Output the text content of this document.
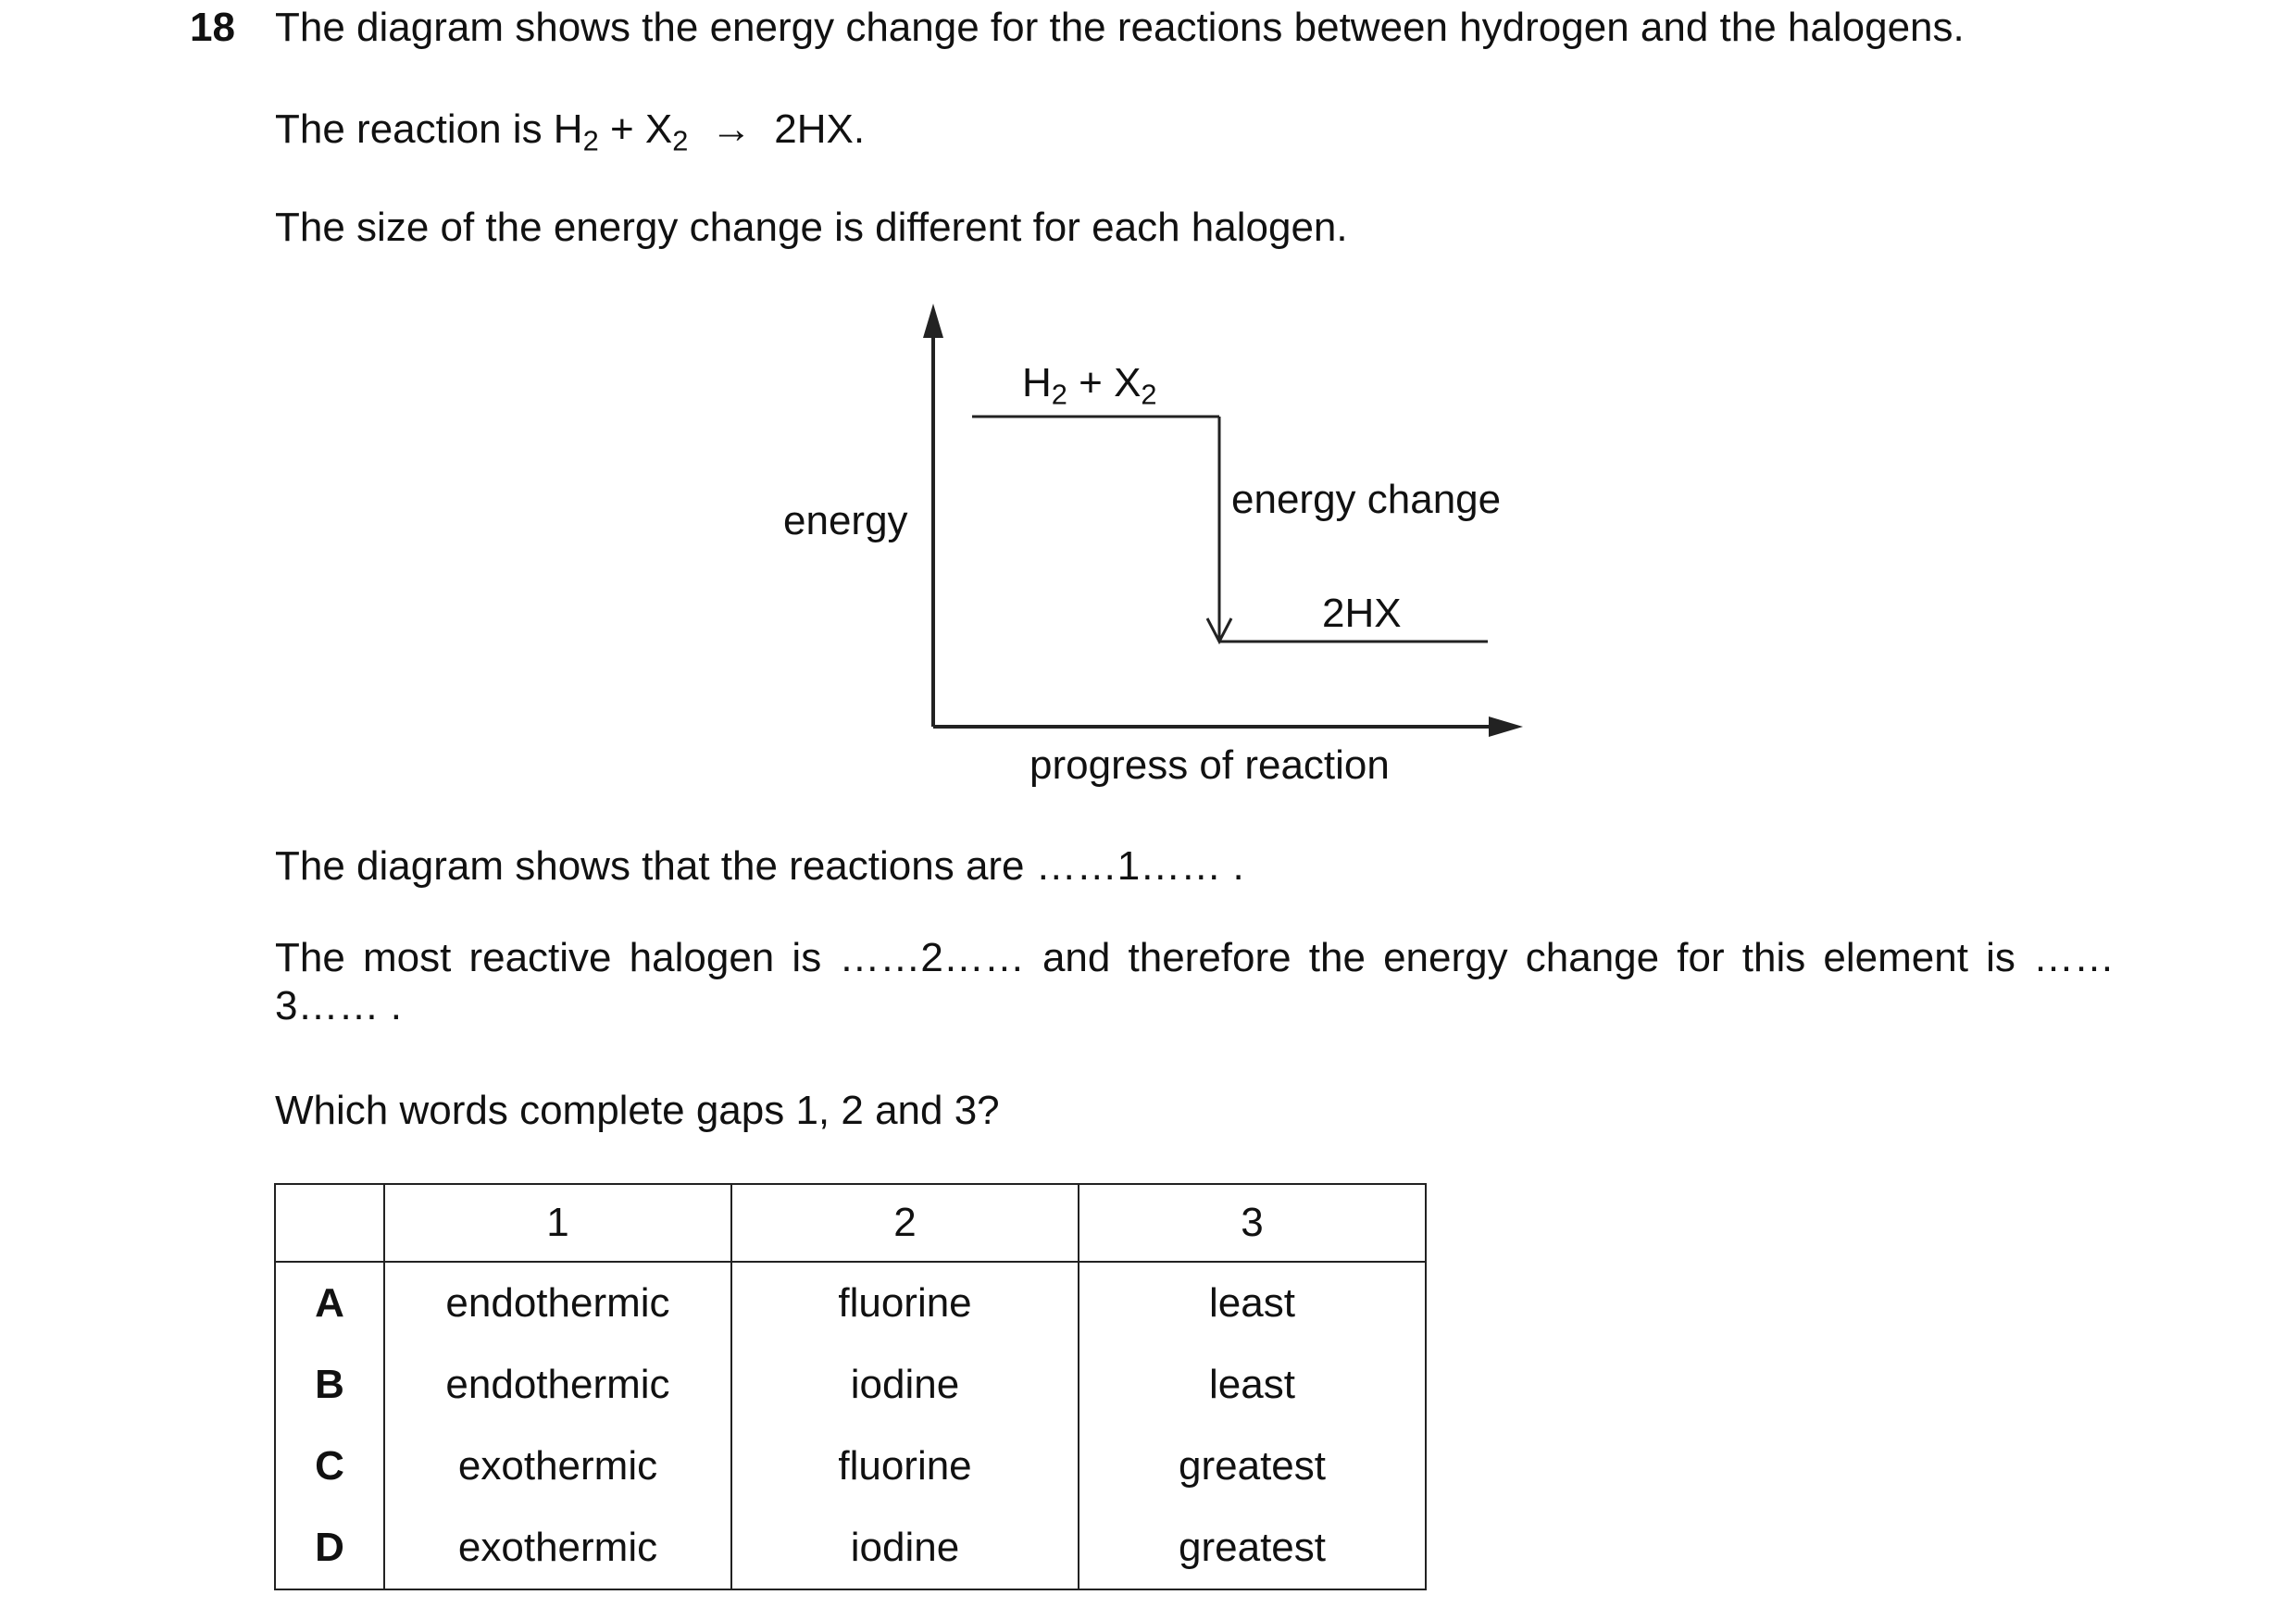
18 The diagram shows the energy change for the reactions between hydrogen and the halogens.
The reaction is $H_2 + X_2 \to 2HX$.
The size of the energy change is different for each halogen.
energy
$H_2 + X_2$
energy change
2HX
progress of reaction
The diagram shows that the reactions are ……1…… .
The most reactive halogen is ……2…… and therefore the energy change for this element is ……3…… .
Which words complete gaps 1, 2 and 3?
	1	2	3
A	endothermic	fluorine	least
B	endothermic	iodine	least
C	exothermic	fluorine	greatest
D	exothermic	iodine	greatest
